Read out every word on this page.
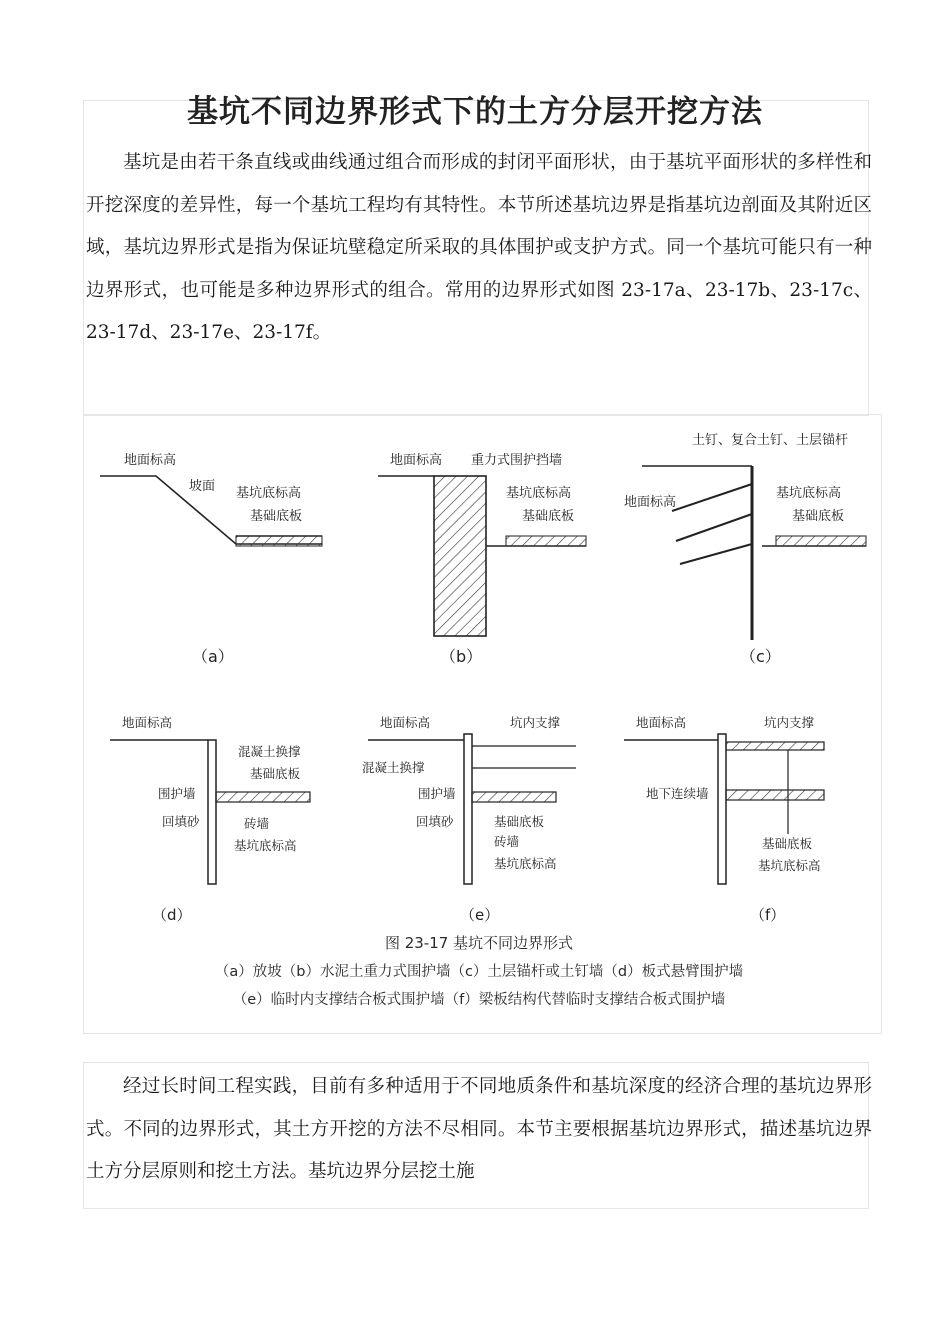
基坑不同边界形式下的土方分层开挖方法

基坑是由若干条直线或曲线通过组合而形成的封闭平面形状，由于基坑平面形状的多样性和开挖深度的差异性，每一个基坑工程均有其特性。本节所述基坑边界是指基坑边剖面及其附近区域，基坑边界形式是指为保证坑壁稳定所采取的具体围护或支护方式。同一个基坑可能只有一种边界形式，也可能是多种边界形式的组合。常用的边界形式如图 23-17a、23-17b、23-17c、23-17d、23-17e、23-17f。

地面标高
坡面 基坑底标高
基础底板
（a）
地面标高 重力式围护挡墙
基坑底标高
基础底板
（b）
土钉、复合土钉、土层锚杆
地面标高
基坑底标高
基础底板
（c）
地面标高
混凝土换撑
基础底板
围护墙
回填砂	砖墙
基坑底标高
（d）
地面标高	坑内支撑
混凝土换撑
围护墙
回填砂	基础底板
砖墙
基坑底标高
（e）
地面标高	坑内支撑
地下连续墙
基础底板
基坑底标高
（f）
图 23-17 基坑不同边界形式
（a）放坡（b）水泥土重力式围护墙（c）土层锚杆或土钉墙（d）板式悬臂围护墙
（e）临时内支撑结合板式围护墙（f）梁板结构代替临时支撑结合板式围护墙

经过长时间工程实践，目前有多种适用于不同地质条件和基坑深度的经济合理的基坑边界形式。不同的边界形式，其土方开挖的方法不尽相同。本节主要根据基坑边界形式，描述基坑边界土方分层原则和挖土方法。基坑边界分层挖土施
